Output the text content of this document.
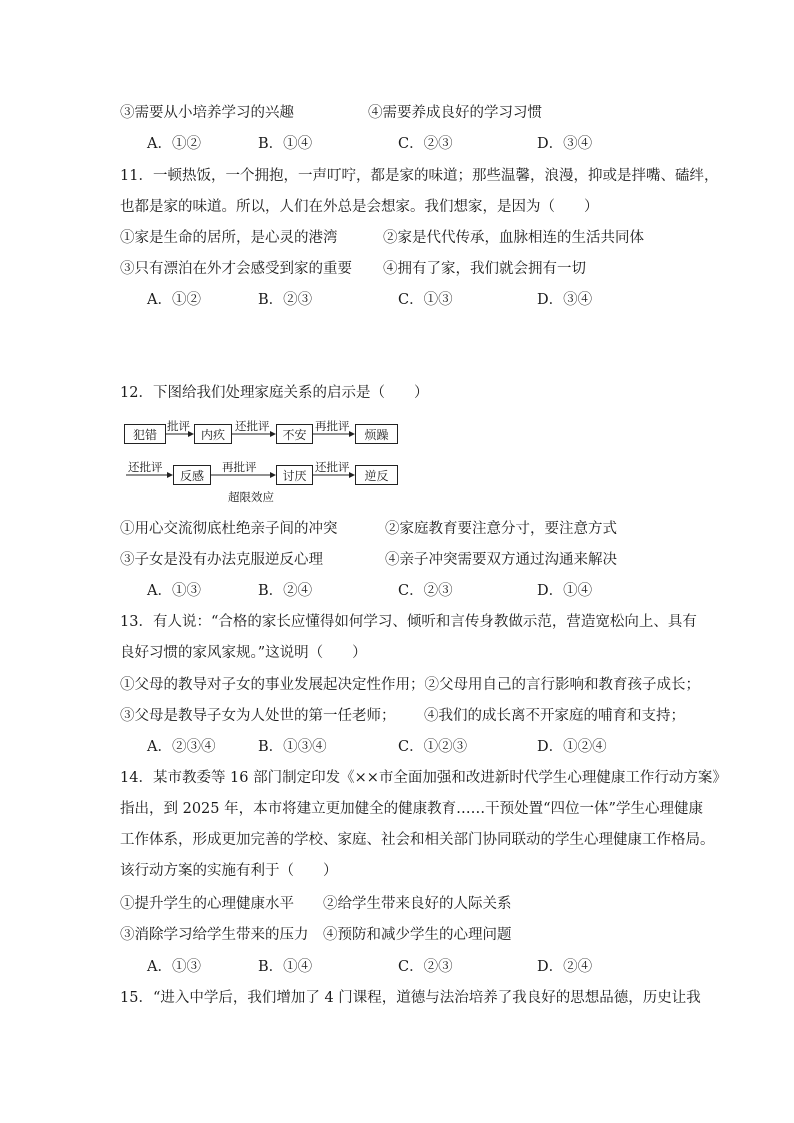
③需要从小培养学习的兴趣	④需要养成良好的学习习惯
A．①②	B．①④	C．②③	D．③④
11．一顿热饭，一个拥抱，一声叮咛，都是家的味道；那些温馨，浪漫，抑或是拌嘴、磕绊，
也都是家的味道。所以，人们在外总是会想家。我们想家，是因为（　　）
①家是生命的居所，是心灵的港湾	②家是代代传承，血脉相连的生活共同体
③只有漂泊在外才会感受到家的重要 ④拥有了家，我们就会拥有一切
A．①②	B．②③	C．①③	D．③④
12．下图给我们处理家庭关系的启示是（　　）
批评	还批评	再批评
犯错	内疚	不安	烦躁
还批评	再批评	还批评
反感	讨厌	逆反
超限效应
①用心交流彻底杜绝亲子间的冲突	②家庭教育要注意分寸，要注意方式
③子女是没有办法克服逆反心理	④亲子冲突需要双方通过沟通来解决
A．①③	B．②④	C．②③	D．①④
13．有人说：“合格的家长应懂得如何学习、倾听和言传身教做示范，营造宽松向上、具有
良好习惯的家风家规。”这说明（　　）
①父母的教导对子女的事业发展起决定性作用；②父母用自己的言行影响和教育孩子成长；
③父母是教导子女为人处世的第一任老师； ④我们的成长离不开家庭的哺育和支持；
A．②③④	B．①③④	C．①②③	D．①②④
14．某市教委等 16 部门制定印发《××市全面加强和改进新时代学生心理健康工作行动方案》
指出，到 2025 年，本市将建立更加健全的健康教育……干预处置“四位一体”学生心理健康
工作体系，形成更加完善的学校、家庭、社会和相关部门协同联动的学生心理健康工作格局。
该行动方案的实施有利于（　　）
①提升学生的心理健康水平 ②给学生带来良好的人际关系
③消除学习给学生带来的压力 ④预防和减少学生的心理问题
A．①③	B．①④	C．②③	D．②④
15．“进入中学后，我们增加了 4 门课程，道德与法治培养了我良好的思想品德，历史让我
